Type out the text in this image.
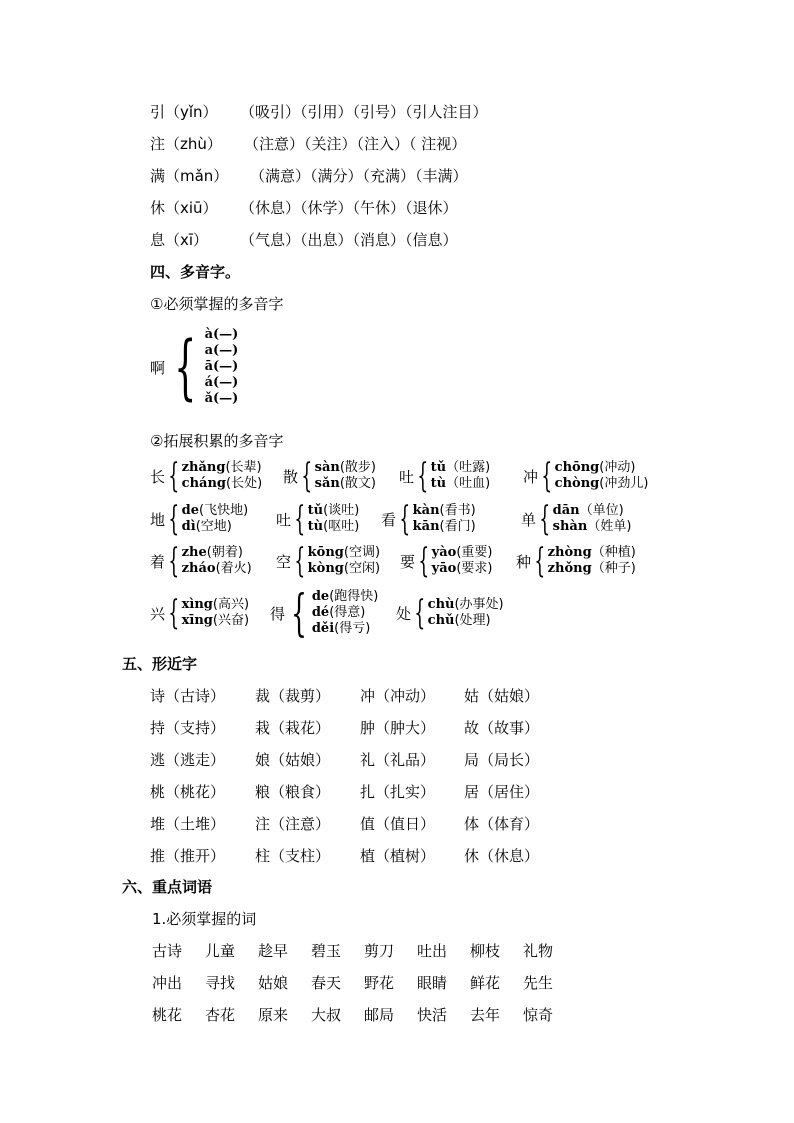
引（yǐn） （吸引）（引用）（引号）（引人注目）
注（zhù） （注意）（关注）（注入）（ 注视）
满（mǎn） （满意）（满分）（充满）（丰满）
休（xiū） （休息）（休学）（午休）（退休）
息（xī） （气息）（出息）（消息）（信息）
四、多音字。
①必须掌握的多音字
啊 { à(—)
a(—)
ā(—)
á(—)
ǎ(—)
②拓展积累的多音字
长 { zhǎng(长辈)
cháng(长处) 散 { sàn(散步)
sǎn(散文) 吐 { tǔ（吐露)
tù（吐血) 冲 { chōng(冲动)
chòng(冲劲儿)
地 { de(飞快地)
dì(空地)	吐 { tǔ(谈吐)
tù(呕吐) 看 { kàn(看书)
kān(看门)	单 { dān（单位)
shàn（姓单)
着 { zhe(朝着)
zháo(着火) 空 { kōng(空调)
kòng(空闲) 要 { yào(重要)
yāo(要求) 种 { zhòng（种植)
zhǒng（种子)
兴 { xìng(高兴)
xīng(兴奋) 得 { de(跑得快)
dé(得意)
děi(得亏)
处 { chù(办事处)
chǔ(处理)
五、形近字
诗（古诗） 裁（裁剪） 冲（冲动） 姑（姑娘）
持（支持） 栽（栽花） 肿（肿大） 故（故事）
逃（逃走） 娘（姑娘） 礼（礼品） 局（局长）
桃（桃花） 粮（粮食） 扎（扎实） 居（居住）
堆（土堆） 注（注意） 值（值日） 体（体育）
推（推开） 柱（支柱） 植（植树） 休（休息）
六、重点词语
1.必须掌握的词
古诗 儿童 趁早 碧玉 剪刀 吐出 柳枝 礼物
冲出 寻找 姑娘 春天 野花 眼睛 鲜花 先生
桃花 杏花 原来 大叔 邮局 快活 去年 惊奇
